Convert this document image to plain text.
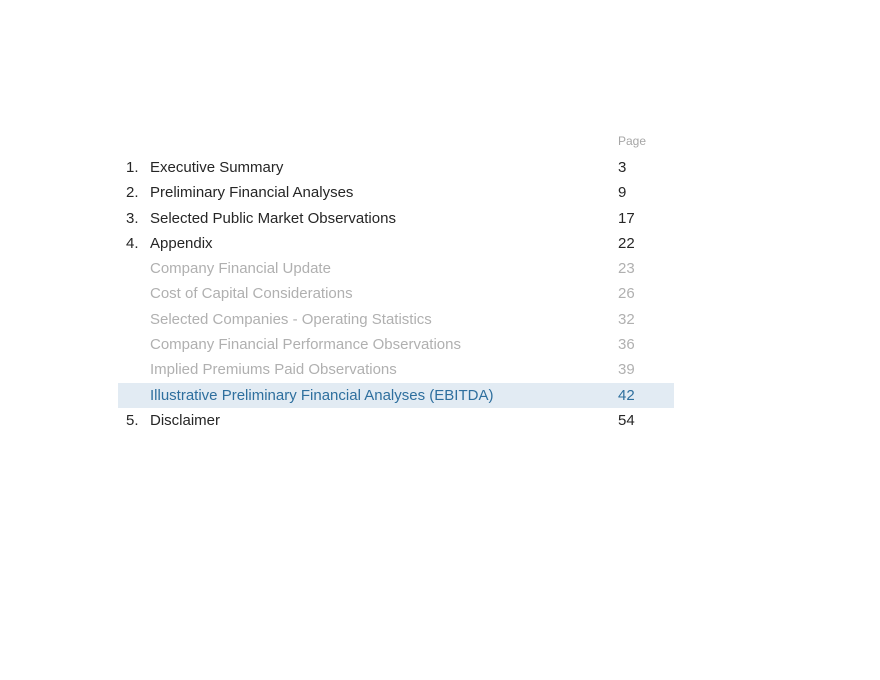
Page
1. Executive Summary	3
2. Preliminary Financial Analyses	9
3. Selected Public Market Observations	17
4. Appendix	22
Company Financial Update	23
Cost of Capital Considerations	26
Selected Companies - Operating Statistics	32
Company Financial Performance Observations	36
Implied Premiums Paid Observations	39
Illustrative Preliminary Financial Analyses (EBITDA)	42
5. Disclaimer	54
